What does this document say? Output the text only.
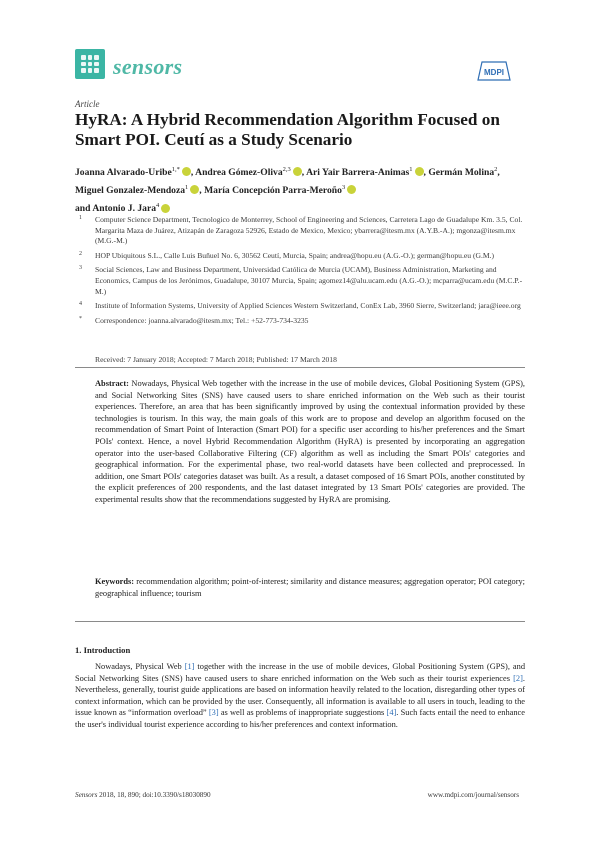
sensors	MDPI
Article
HyRA: A Hybrid Recommendation Algorithm Focused on Smart POI. Ceutí as a Study Scenario
Joanna Alvarado-Uribe$^{1,*}$ , Andrea Gómez-Oliva$^{2,3}$ , Ari Yair Barrera-Animas$^1$ , Germán Molina$^2$, Miguel Gonzalez-Mendoza$^1$ , María Concepción Parra-Meroño$^3$
and Antonio J. Jara$^4$
1 Computer Science Department, Tecnologico de Monterrey, School of Engineering and Sciences, Carretera Lago de Guadalupe Km. 3.5, Col. Margarita Maza de Juárez, Atizapán de Zaragoza 52926, Estado de Mexico, Mexico; ybarrera@itesm.mx (A.Y.B.-A.); mgonza@itesm.mx (M.G.-M.)
2 HOP Ubiquitous S.L., Calle Luis Buñuel No. 6, 30562 Ceutí, Murcia, Spain; andrea@hopu.eu (A.G.-O.); german@hopu.eu (G.M.)
3 Social Sciences, Law and Business Department, Universidad Católica de Murcia (UCAM), Business Administration, Marketing and Economics, Campus de los Jerónimos, Guadalupe, 30107 Murcia, Spain; agomez14@alu.ucam.edu (A.G.-O.); mcparra@ucam.edu (M.C.P.-M.)
4 Institute of Information Systems, University of Applied Sciences Western Switzerland, ConEx Lab, 3960 Sierre, Switzerland; jara@ieee.org
* Correspondence: joanna.alvarado@itesm.mx; Tel.: +52-773-734-3235
Received: 7 January 2018; Accepted: 7 March 2018; Published: 17 March 2018
Abstract: Nowadays, Physical Web together with the increase in the use of mobile devices, Global Positioning System (GPS), and Social Networking Sites (SNS) have caused users to share enriched information on the Web such as their tourist experiences. Therefore, an area that has been significantly improved by using the contextual information provided by these technologies is tourism. In this way, the main goals of this work are to propose and develop an algorithm focused on the recommendation of Smart Point of Interaction (Smart POI) for a specific user according to his/her preferences and the Smart POIs' context. Hence, a novel Hybrid Recommendation Algorithm (HyRA) is presented by incorporating an aggregation operator into the user-based Collaborative Filtering (CF) algorithm as well as including the Smart POIs' categories and geographical information. For the experimental phase, two real-world datasets have been collected and preprocessed. In addition, one Smart POIs' categories dataset was built. As a result, a dataset composed of 16 Smart POIs, another constituted by the explicit preferences of 200 respondents, and the last dataset integrated by 13 Smart POIs' categories are provided. The experimental results show that the recommendations suggested by HyRA are promising.
Keywords: recommendation algorithm; point-of-interest; similarity and distance measures; aggregation operator; POI category; geographical influence; tourism
1. Introduction
Nowadays, Physical Web [1] together with the increase in the use of mobile devices, Global Positioning System (GPS), and Social Networking Sites (SNS) have caused users to share enriched information on the Web such as their tourist experiences [2]. Nevertheless, generally, tourist guide applications are based on information heavily related to the location, disregarding other types of context information, which can be provided by the user. Consequently, all information is available to all users in touch, leading to the issue known as “information overload” [3] as well as problems of inappropriate suggestions [4]. Such facts entail the need to enhance the user's individual tourist experience according to his/her preferences and context information.
Sensors 2018, 18, 890; doi:10.3390/s18030890	www.mdpi.com/journal/sensors
